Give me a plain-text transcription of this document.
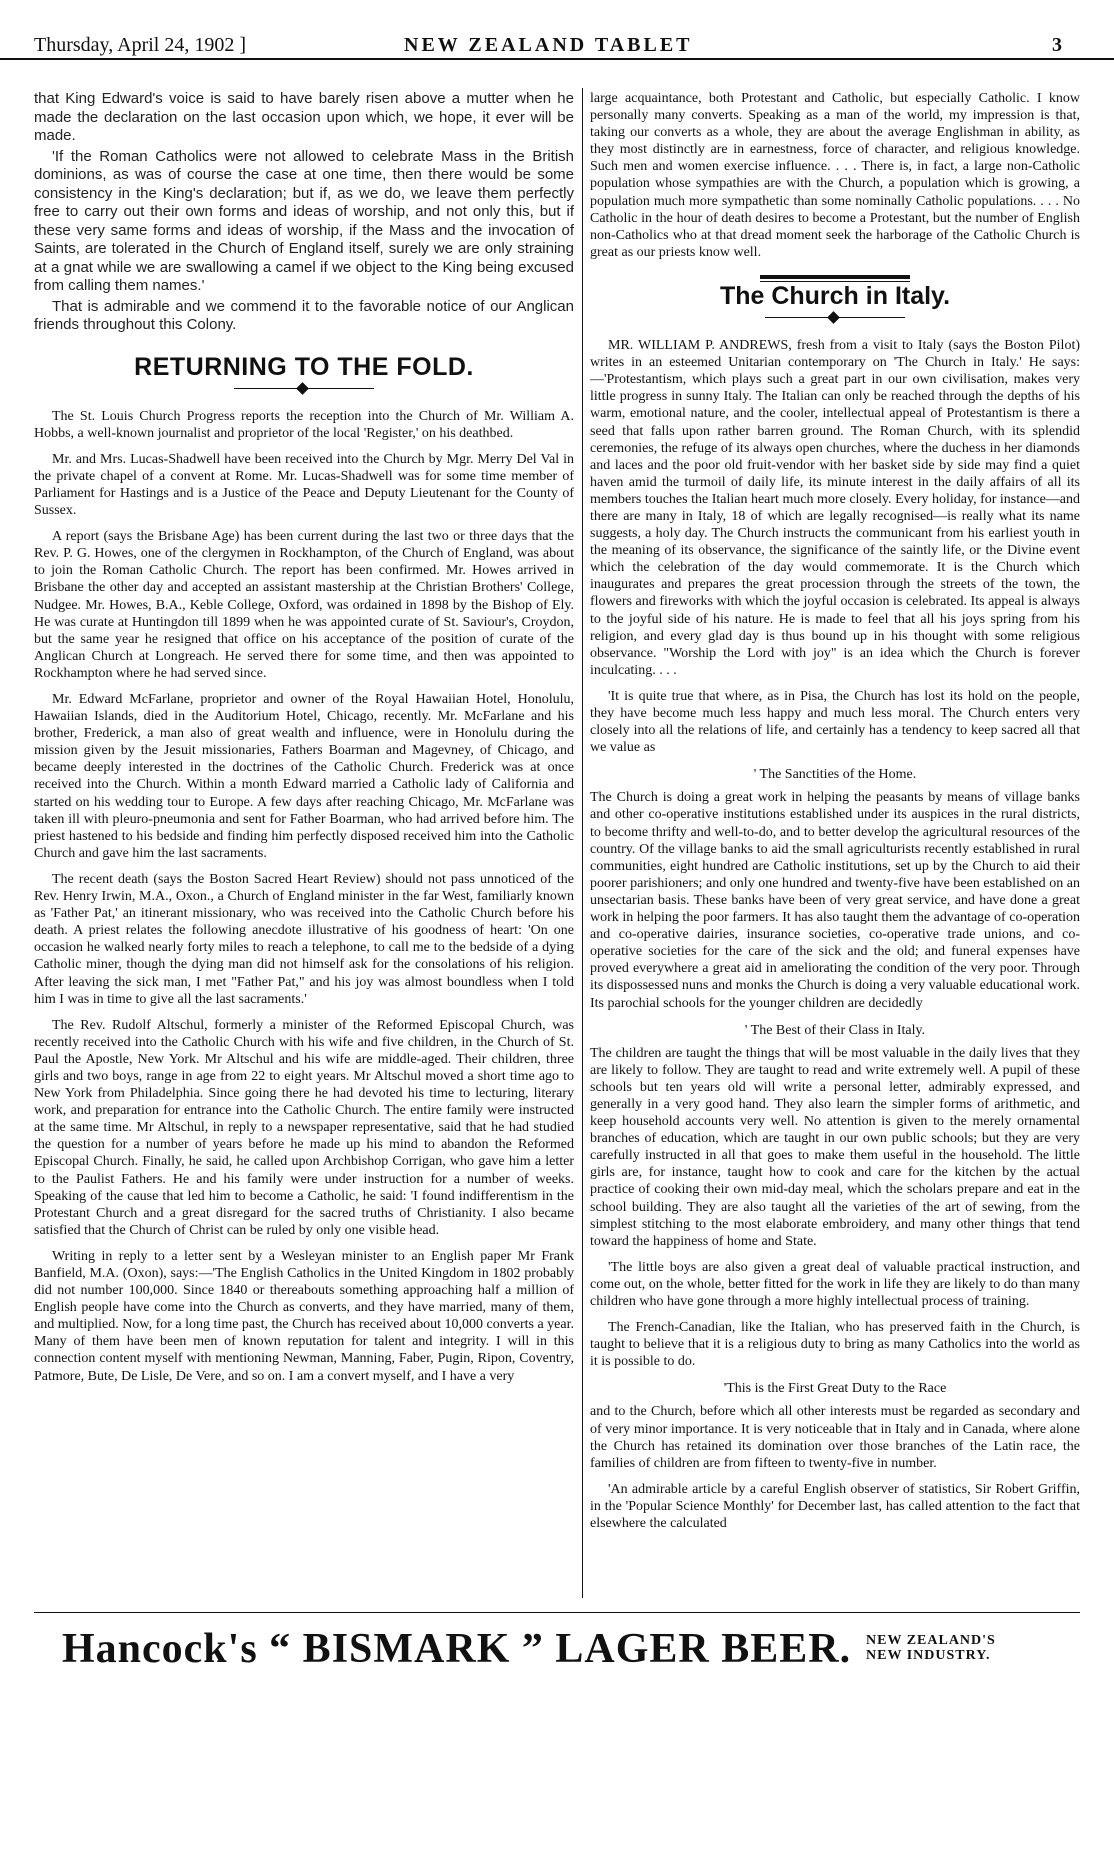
Thursday, April 24, 1902 ]	NEW ZEALAND TABLET	3

that King Edward's voice is said to have barely risen above a mutter when he made the declaration on the last occasion upon which, we hope, it ever will be made.

'If the Roman Catholics were not allowed to celebrate Mass in the British dominions, as was of course the case at one time, then there would be some consistency in the King's declaration; but if, as we do, we leave them perfectly free to carry out their own forms and ideas of worship, and not only this, but if these very same forms and ideas of worship, if the Mass and the invocation of Saints, are tolerated in the Church of England itself, surely we are only straining at a gnat while we are swallowing a camel if we object to the King being excused from calling them names.'

That is admirable and we commend it to the favorable notice of our Anglican friends throughout this Colony.

RETURNING TO THE FOLD.

The St. Louis Church Progress reports the reception into the Church of Mr. William A. Hobbs, a well-known journalist and proprietor of the local 'Register,' on his deathbed.

Mr. and Mrs. Lucas-Shadwell have been received into the Church by Mgr. Merry Del Val in the private chapel of a convent at Rome. Mr. Lucas-Shadwell was for some time member of Parliament for Hastings and is a Justice of the Peace and Deputy Lieutenant for the County of Sussex.

A report (says the Brisbane Age) has been current during the last two or three days that the Rev. P. G. Howes, one of the clergymen in Rockhampton, of the Church of England, was about to join the Roman Catholic Church. The report has been confirmed. Mr. Howes arrived in Brisbane the other day and accepted an assistant mastership at the Christian Brothers' College, Nudgee. Mr. Howes, B.A., Keble College, Oxford, was ordained in 1898 by the Bishop of Ely. He was curate at Huntingdon till 1899 when he was appointed curate of St. Saviour's, Croydon, but the same year he resigned that office on his acceptance of the position of curate of the Anglican Church at Longreach. He served there for some time, and then was appointed to Rockhampton where he had served since.

Mr. Edward McFarlane, proprietor and owner of the Royal Hawaiian Hotel, Honolulu, Hawaiian Islands, died in the Auditorium Hotel, Chicago, recently. Mr. McFarlane and his brother, Frederick, a man also of great wealth and influence, were in Honolulu during the mission given by the Jesuit missionaries, Fathers Boarman and Magevney, of Chicago, and became deeply interested in the doctrines of the Catholic Church. Frederick was at once received into the Church. Within a month Edward married a Catholic lady of California and started on his wedding tour to Europe. A few days after reaching Chicago, Mr. McFarlane was taken ill with pleuro-pneumonia and sent for Father Boarman, who had arrived before him. The priest hastened to his bedside and finding him perfectly disposed received him into the Catholic Church and gave him the last sacraments.

The recent death (says the Boston Sacred Heart Review) should not pass unnoticed of the Rev. Henry Irwin, M.A., Oxon., a Church of England minister in the far West, familiarly known as 'Father Pat,' an itinerant missionary, who was received into the Catholic Church before his death. A priest relates the following anecdote illustrative of his goodness of heart: 'On one occasion he walked nearly forty miles to reach a telephone, to call me to the bedside of a dying Catholic miner, though the dying man did not himself ask for the consolations of his religion. After leaving the sick man, I met "Father Pat," and his joy was almost boundless when I told him I was in time to give all the last sacraments.'

The Rev. Rudolf Altschul, formerly a minister of the Reformed Episcopal Church, was recently received into the Catholic Church with his wife and five children, in the Church of St. Paul the Apostle, New York. Mr Altschul and his wife are middle-aged. Their children, three girls and two boys, range in age from 22 to eight years. Mr Altschul moved a short time ago to New York from Philadelphia. Since going there he had devoted his time to lecturing, literary work, and preparation for entrance into the Catholic Church. The entire family were instructed at the same time. Mr Altschul, in reply to a newspaper representative, said that he had studied the question for a number of years before he made up his mind to abandon the Reformed Episcopal Church. Finally, he said, he called upon Archbishop Corrigan, who gave him a letter to the Paulist Fathers. He and his family were under instruction for a number of weeks. Speaking of the cause that led him to become a Catholic, he said: 'I found indifferentism in the Protestant Church and a great disregard for the sacred truths of Christianity. I also became satisfied that the Church of Christ can be ruled by only one visible head.

Writing in reply to a letter sent by a Wesleyan minister to an English paper Mr Frank Banfield, M.A. (Oxon), says:—'The English Catholics in the United Kingdom in 1802 probably did not number 100,000. Since 1840 or thereabouts something approaching half a million of English people have come into the Church as converts, and they have married, many of them, and multiplied. Now, for a long time past, the Church has received about 10,000 converts a year. Many of them have been men of known reputation for talent and integrity. I will in this connection content myself with mentioning Newman, Manning, Faber, Pugin, Ripon, Coventry, Patmore, Bute, De Lisle, De Vere, and so on. I am a convert myself, and I have a very

large acquaintance, both Protestant and Catholic, but especially Catholic. I know personally many converts. Speaking as a man of the world, my impression is that, taking our converts as a whole, they are about the average Englishman in ability, as they most distinctly are in earnestness, force of character, and religious knowledge. Such men and women exercise influence. . . . There is, in fact, a large non-Catholic population whose sympathies are with the Church, a population which is growing, a population much more sympathetic than some nominally Catholic populations. . . . No Catholic in the hour of death desires to become a Protestant, but the number of English non-Catholics who at that dread moment seek the harborage of the Catholic Church is great as our priests know well.

The Church in Italy.

MR. WILLIAM P. ANDREWS, fresh from a visit to Italy (says the Boston Pilot) writes in an esteemed Unitarian contemporary on 'The Church in Italy.' He says:—'Protestantism, which plays such a great part in our own civilisation, makes very little progress in sunny Italy. The Italian can only be reached through the depths of his warm, emotional nature, and the cooler, intellectual appeal of Protestantism is there a seed that falls upon rather barren ground. The Roman Church, with its splendid ceremonies, the refuge of its always open churches, where the duchess in her diamonds and laces and the poor old fruit-vendor with her basket side by side may find a quiet haven amid the turmoil of daily life, its minute interest in the daily affairs of all its members touches the Italian heart much more closely. Every holiday, for instance—and there are many in Italy, 18 of which are legally recognised—is really what its name suggests, a holy day. The Church instructs the communicant from his earliest youth in the meaning of its observance, the significance of the saintly life, or the Divine event which the celebration of the day would commemorate. It is the Church which inaugurates and prepares the great procession through the streets of the town, the flowers and fireworks with which the joyful occasion is celebrated. Its appeal is always to the joyful side of his nature. He is made to feel that all his joys spring from his religion, and every glad day is thus bound up in his thought with some religious observance. "Worship the Lord with joy" is an idea which the Church is forever inculcating. . . .

'It is quite true that where, as in Pisa, the Church has lost its hold on the people, they have become much less happy and much less moral. The Church enters very closely into all the relations of life, and certainly has a tendency to keep sacred all that we value as

' The Sanctities of the Home.

The Church is doing a great work in helping the peasants by means of village banks and other co-operative institutions established under its auspices in the rural districts, to become thrifty and well-to-do, and to better develop the agricultural resources of the country. Of the village banks to aid the small agriculturists recently established in rural communities, eight hundred are Catholic institutions, set up by the Church to aid their poorer parishioners; and only one hundred and twenty-five have been established on an unsectarian basis. These banks have been of very great service, and have done a great work in helping the poor farmers. It has also taught them the advantage of co-operation and co-operative dairies, insurance societies, co-operative trade unions, and co-operative societies for the care of the sick and the old; and funeral expenses have proved everywhere a great aid in ameliorating the condition of the very poor. Through its dispossessed nuns and monks the Church is doing a very valuable educational work. Its parochial schools for the younger children are decidedly

' The Best of their Class in Italy.

The children are taught the things that will be most valuable in the daily lives that they are likely to follow. They are taught to read and write extremely well. A pupil of these schools but ten years old will write a personal letter, admirably expressed, and generally in a very good hand. They also learn the simpler forms of arithmetic, and keep household accounts very well. No attention is given to the merely ornamental branches of education, which are taught in our own public schools; but they are very carefully instructed in all that goes to make them useful in the household. The little girls are, for instance, taught how to cook and care for the kitchen by the actual practice of cooking their own mid-day meal, which the scholars prepare and eat in the school building. They are also taught all the varieties of the art of sewing, from the simplest stitching to the most elaborate embroidery, and many other things that tend toward the happiness of home and State.

'The little boys are also given a great deal of valuable practical instruction, and come out, on the whole, better fitted for the work in life they are likely to do than many children who have gone through a more highly intellectual process of training.

The French-Canadian, like the Italian, who has preserved faith in the Church, is taught to believe that it is a religious duty to bring as many Catholics into the world as it is possible to do.

'This is the First Great Duty to the Race

and to the Church, before which all other interests must be regarded as secondary and of very minor importance. It is very noticeable that in Italy and in Canada, where alone the Church has retained its domination over those branches of the Latin race, the families of children are from fifteen to twenty-five in number.

'An admirable article by a careful English observer of statistics, Sir Robert Griffin, in the 'Popular Science Monthly' for December last, has called attention to the fact that elsewhere the calculated

Hancock's “ BISMARK ” LAGER BEER. NEW ZEALAND'S
NEW INDUSTRY.
